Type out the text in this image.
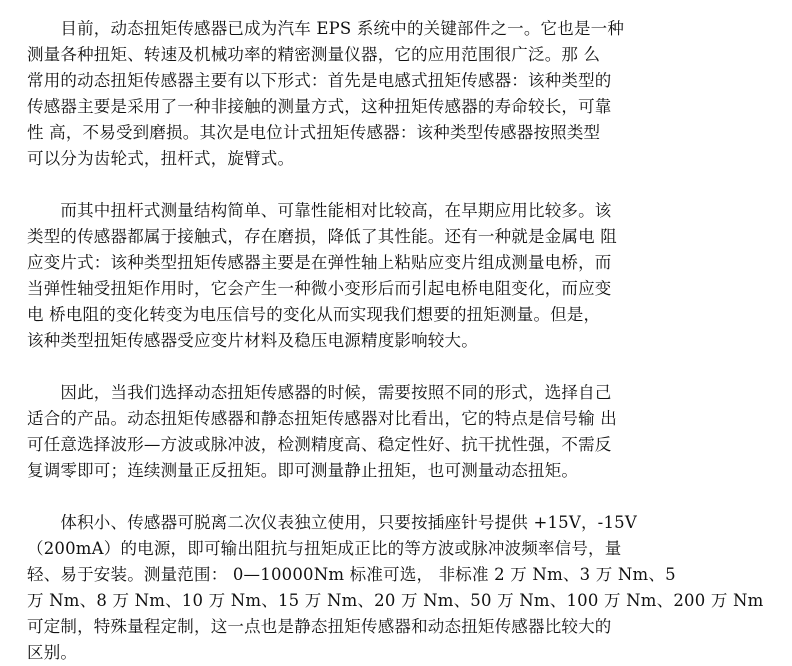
　　目前，动态扭矩传感器已成为汽车 EPS 系统中的关键部件之一。它也是一种
测量各种扭矩、转速及机械功率的精密测量仪器，它的应用范围很广泛。那 么
常用的动态扭矩传感器主要有以下形式：首先是电感式扭矩传感器：该种类型的
传感器主要是采用了一种非接触的测量方式，这种扭矩传感器的寿命较长，可靠
性 高，不易受到磨损。其次是电位计式扭矩传感器：该种类型传感器按照类型
可以分为齿轮式，扭杆式，旋臂式。
　　而其中扭杆式测量结构简单、可靠性能相对比较高，在早期应用比较多。该
类型的传感器都属于接触式，存在磨损，降低了其性能。还有一种就是金属电 阻
应变片式：该种类型扭矩传感器主要是在弹性轴上粘贴应变片组成测量电桥，而
当弹性轴受扭矩作用时，它会产生一种微小变形后而引起电桥电阻变化，而应变
电 桥电阻的变化转变为电压信号的变化从而实现我们想要的扭矩测量。但是，
该种类型扭矩传感器受应变片材料及稳压电源精度影响较大。
　　因此，当我们选择动态扭矩传感器的时候，需要按照不同的形式，选择自己
适合的产品。动态扭矩传感器和静态扭矩传感器对比看出，它的特点是信号输 出
可任意选择波形—方波或脉冲波，检测精度高、稳定性好、抗干扰性强，不需反
复调零即可；连续测量正反扭矩。即可测量静止扭矩，也可测量动态扭矩。
　　体积小、传感器可脱离二次仪表独立使用，只要按插座针号提供 +15V，-15V
（200mA）的电源，即可输出阻抗与扭矩成正比的等方波或脉冲波频率信号，量
轻、易于安装。测量范围： 0—10000Nm 标准可选， 非标准 2 万 Nm、3 万 Nm、5
万 Nm、8 万 Nm、10 万 Nm、15 万 Nm、20 万 Nm、50 万 Nm、100 万 Nm、200 万 Nm
可定制，特殊量程定制，这一点也是静态扭矩传感器和动态扭矩传感器比较大的
区别。
